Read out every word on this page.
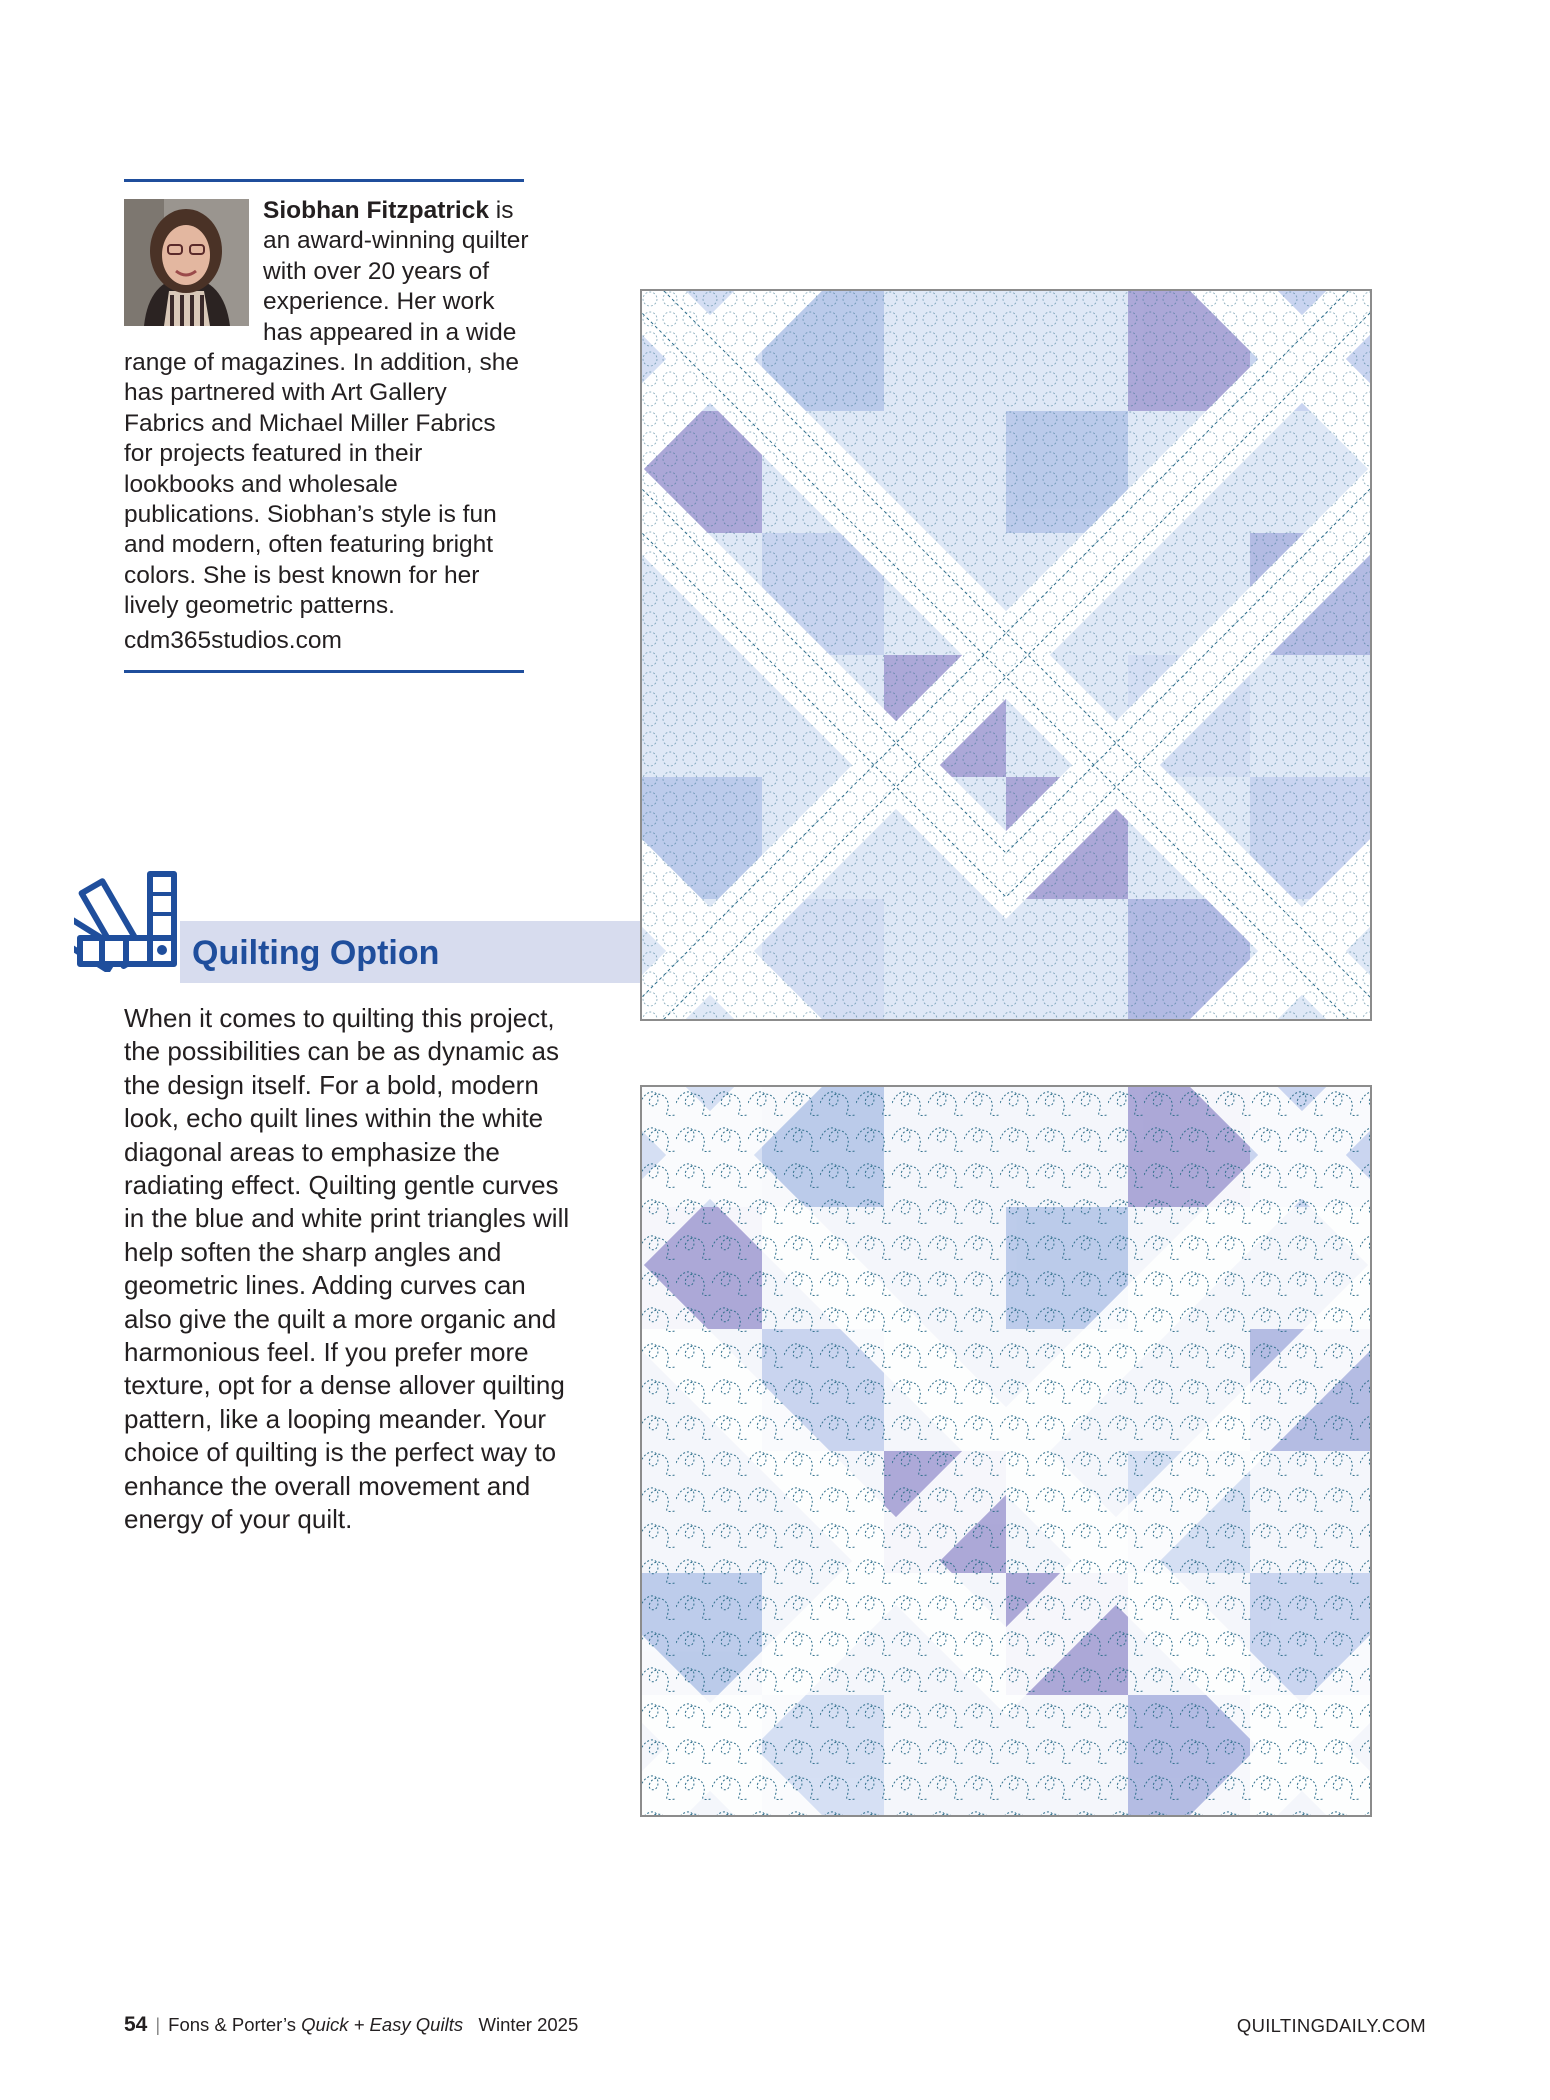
Siobhan Fitzpatrick is an award-winning quilter with over 20 years of experience. Her work has appeared in a wide range of magazines. In addition, she has partnered with Art Gallery Fabrics and Michael Miller Fabrics for projects featured in their lookbooks and wholesale publications. Siobhan’s style is fun and modern, often featuring bright colors. She is best known for her lively geometric patterns.
cdm365studios.com
Quilting Option
When it comes to quilting this project, the possibilities can be as dynamic as the design itself. For a bold, modern look, echo quilt lines within the white diagonal areas to emphasize the radiating effect. Quilting gentle curves in the blue and white print triangles will help soften the sharp angles and geometric lines. Adding curves can also give the quilt a more organic and harmonious feel. If you prefer more texture, opt for a dense allover quilting pattern, like a looping meander. Your choice of quilting is the perfect way to enhance the overall movement and energy of your quilt.
54 | Fons & Porter’s Quick + Easy Quilts Winter 2025	QUILTINGDAILY.COM
